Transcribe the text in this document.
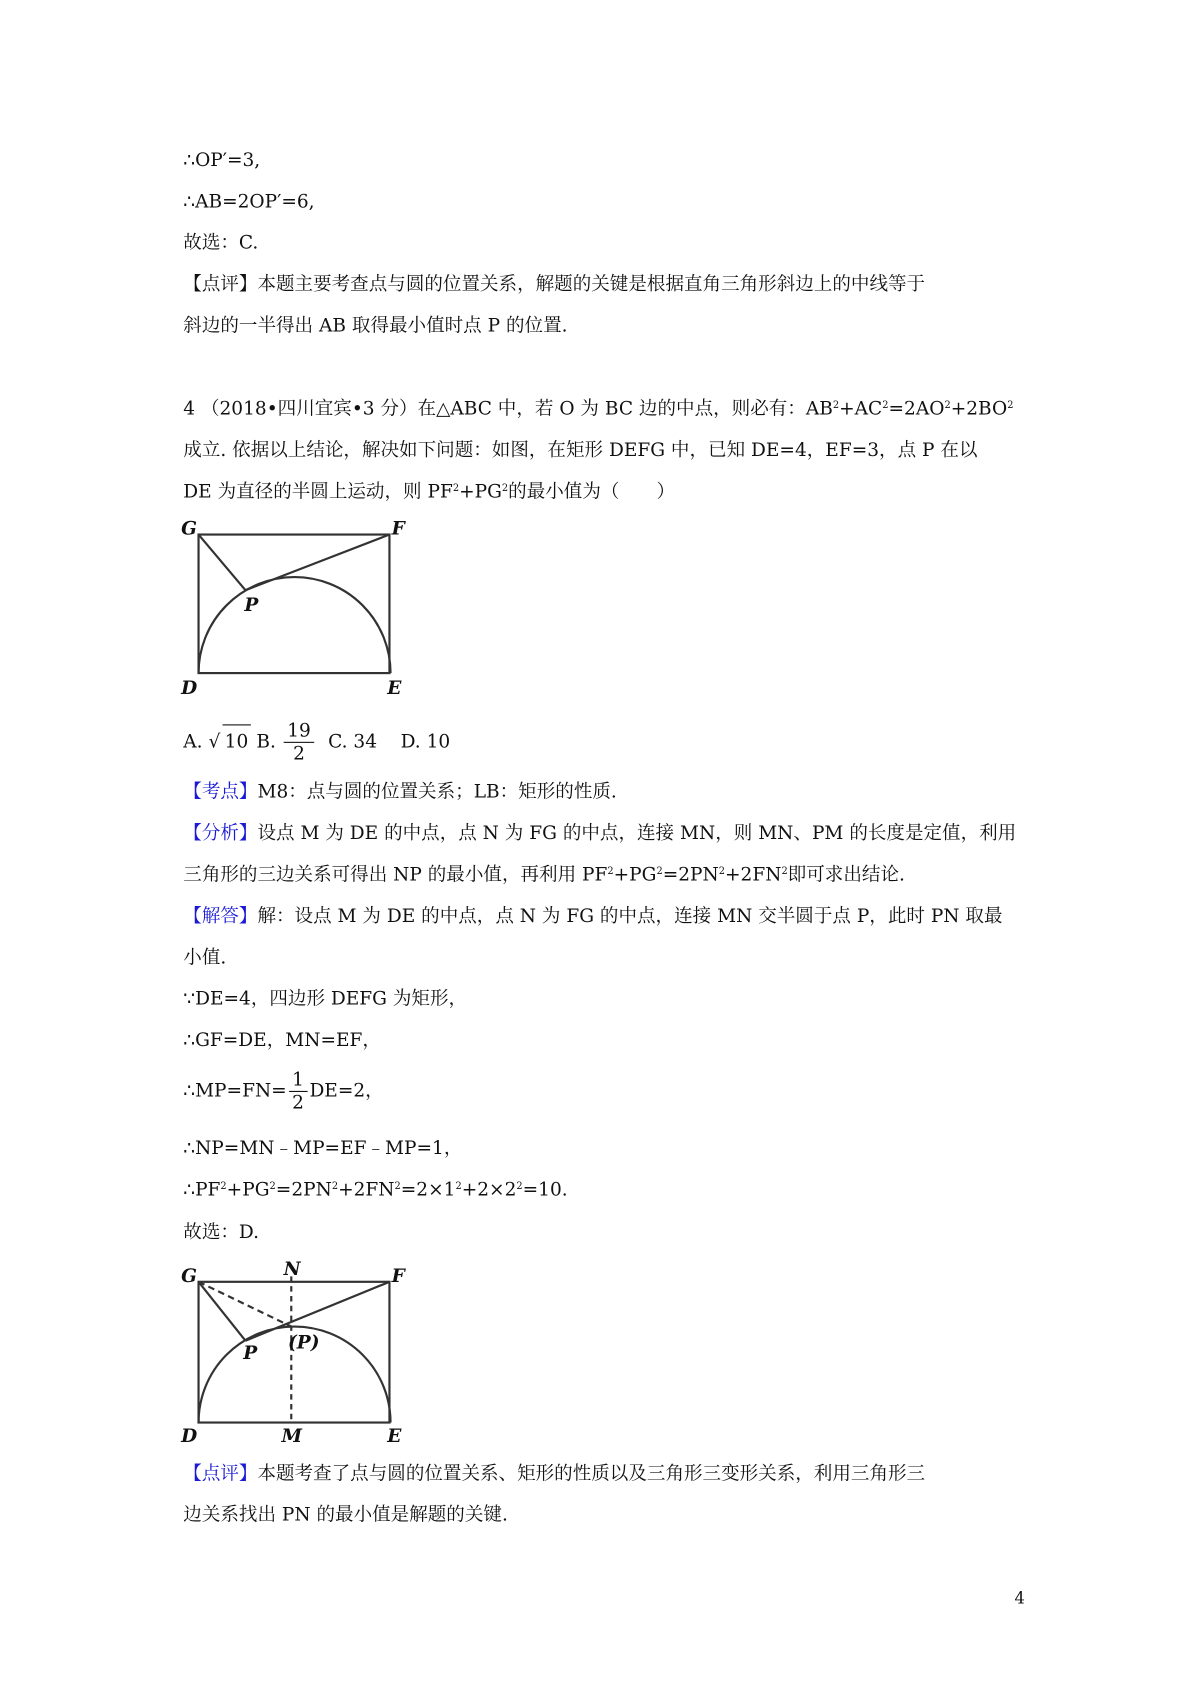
∴OP′=3,
∴AB=2OP′=6,
故选：C.
【点评】本题主要考查点与圆的位置关系，解题的关键是根据直角三角形斜边上的中线等于
斜边的一半得出 AB 取得最小值时点 P 的位置.
4 （2018•四川宜宾•3 分）在△ABC 中，若 O 为 BC 边的中点，则必有：$AB^2+AC^2=2AO^2+2BO^2$
成立. 依据以上结论，解决如下问题：如图，在矩形 DEFG 中，已知 DE=4，EF=3，点 P 在以
DE 为直径的半圆上运动，则 $PF^2+PG^2$的最小值为（　　）
G	F
D	E
P
A. √ 10 B. $\frac{19}{2} C$. 34 D. 10
【考点】M8：点与圆的位置关系；LB：矩形的性质.
【分析】设点 M 为 DE 的中点，点 N 为 FG 的中点，连接 MN，则 MN、PM 的长度是定值，利用
三角形的三边关系可得出 NP 的最小值，再利用 $PF^2+PG^2=2PN^2+2FN^2$即可求出结论.
【解答】解：设点 M 为 DE 的中点，点 N 为 FG 的中点，连接 MN 交半圆于点 P，此时 PN 取最
小值.
∵DE=4，四边形 DEFG 为矩形，
∴GF=DE，MN=EF，
∴MP=FN= $\frac{1}{2} DE=2$，
∴NP=MN﹣MP=EF﹣MP=1，
$\therefore PF^2+PG^2=2PN^2+2FN^2=2\times 1^2+2\times 2^2=10$.
故选：D.
G	F
N
D	E
M
P
(P)
【点评】本题考查了点与圆的位置关系、矩形的性质以及三角形三变形关系，利用三角形三
边关系找出 PN 的最小值是解题的关键.
4
